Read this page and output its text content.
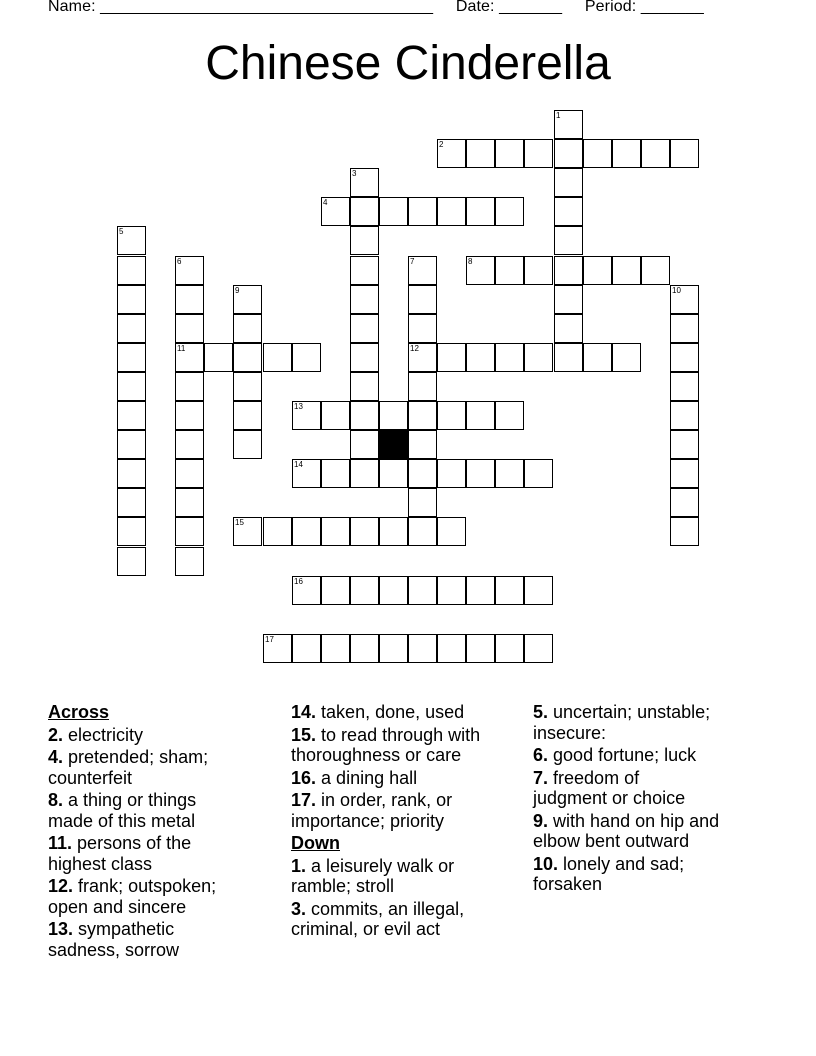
Name: _____________________________________ Date: _______ Period: _______
Chinese Cinderella
1
2
3
4
5
6
11
7
12
8
9	10
13
14
15
16
17
Across
2. electricity
4. pretended; sham; counterfeit
8. a thing or things made of this metal
11. persons of the highest class
12. frank; outspoken; open and sincere
13. sympathetic sadness, sorrow
14. taken, done, used
15. to read through with thoroughness or care
16. a dining hall
17. in order, rank, or importance; priority
Down
1. a leisurely walk or ramble; stroll
3. commits, an illegal, criminal, or evil act
5. uncertain; unstable; insecure:
6. good fortune; luck
7. freedom of judgment or choice
9. with hand on hip and elbow bent outward
10. lonely and sad; forsaken
